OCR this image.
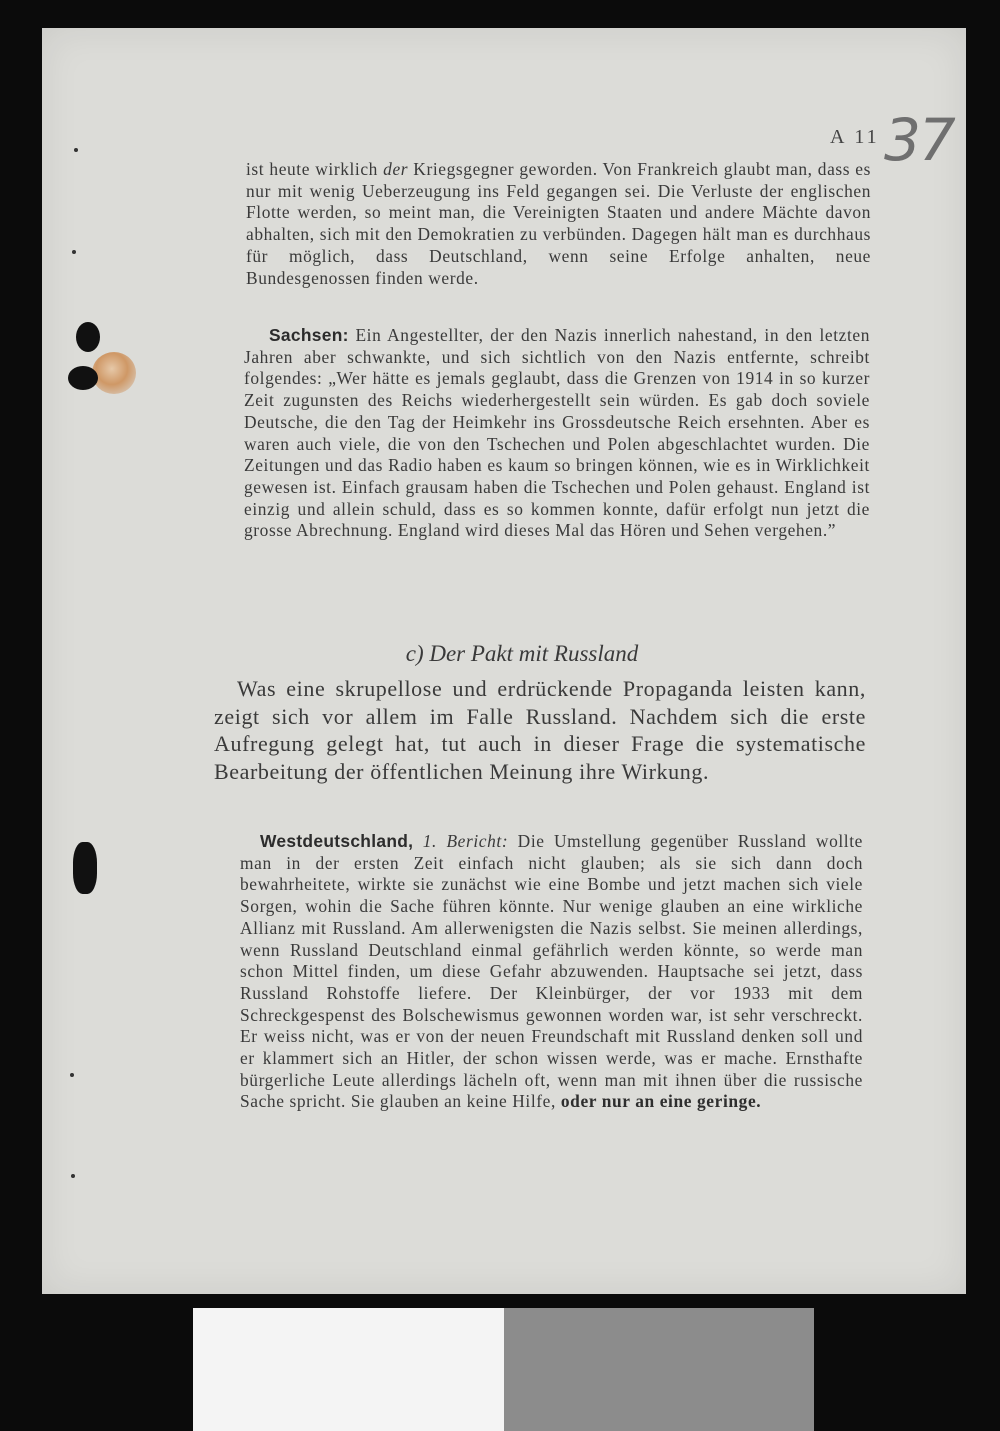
A 11 37
ist heute wirklich der Kriegsgegner geworden. Von Frankreich glaubt man, dass es nur mit wenig Ueberzeugung ins Feld gegangen sei. Die Verluste der englischen Flotte werden, so meint man, die Vereinigten Staaten und andere Mächte davon abhalten, sich mit den Demokratien zu verbünden. Dagegen hält man es durchhaus für möglich, dass Deutschland, wenn seine Erfolge anhalten, neue Bundesgenossen finden werde.
Sachsen: Ein Angestellter, der den Nazis innerlich nahestand, in den letzten Jahren aber schwankte, und sich sichtlich von den Nazis entfernte, schreibt folgendes: „Wer hätte es jemals geglaubt, dass die Grenzen von 1914 in so kurzer Zeit zugunsten des Reichs wiederhergestellt sein würden. Es gab doch soviele Deutsche, die den Tag der Heimkehr ins Grossdeutsche Reich ersehnten. Aber es waren auch viele, die von den Tschechen und Polen abgeschlachtet wurden. Die Zeitungen und das Radio haben es kaum so bringen können, wie es in Wirklichkeit gewesen ist. Einfach grausam haben die Tschechen und Polen gehaust. England ist einzig und allein schuld, dass es so kommen konnte, dafür erfolgt nun jetzt die grosse Abrechnung. England wird dieses Mal das Hören und Sehen vergehen.”
c) Der Pakt mit Russland
Was eine skrupellose und erdrückende Propaganda leisten kann, zeigt sich vor allem im Falle Russland. Nachdem sich die erste Aufregung gelegt hat, tut auch in dieser Frage die systematische Bearbeitung der öffentlichen Meinung ihre Wirkung.
Westdeutschland, 1. Bericht: Die Umstellung gegenüber Russland wollte man in der ersten Zeit einfach nicht glauben; als sie sich dann doch bewahrheitete, wirkte sie zunächst wie eine Bombe und jetzt machen sich viele Sorgen, wohin die Sache führen könnte. Nur wenige glauben an eine wirkliche Allianz mit Russland. Am allerwenigsten die Nazis selbst. Sie meinen allerdings, wenn Russland Deutschland einmal gefährlich werden könnte, so werde man schon Mittel finden, um diese Gefahr abzuwenden. Hauptsache sei jetzt, dass Russland Rohstoffe liefere. Der Kleinbürger, der vor 1933 mit dem Schreckgespenst des Bolschewismus gewonnen worden war, ist sehr verschreckt. Er weiss nicht, was er von der neuen Freundschaft mit Russland denken soll und er klammert sich an Hitler, der schon wissen werde, was er mache. Ernsthafte bürgerliche Leute allerdings lächeln oft, wenn man mit ihnen über die russische Sache spricht. Sie glauben an keine Hilfe, oder nur an eine geringe.
